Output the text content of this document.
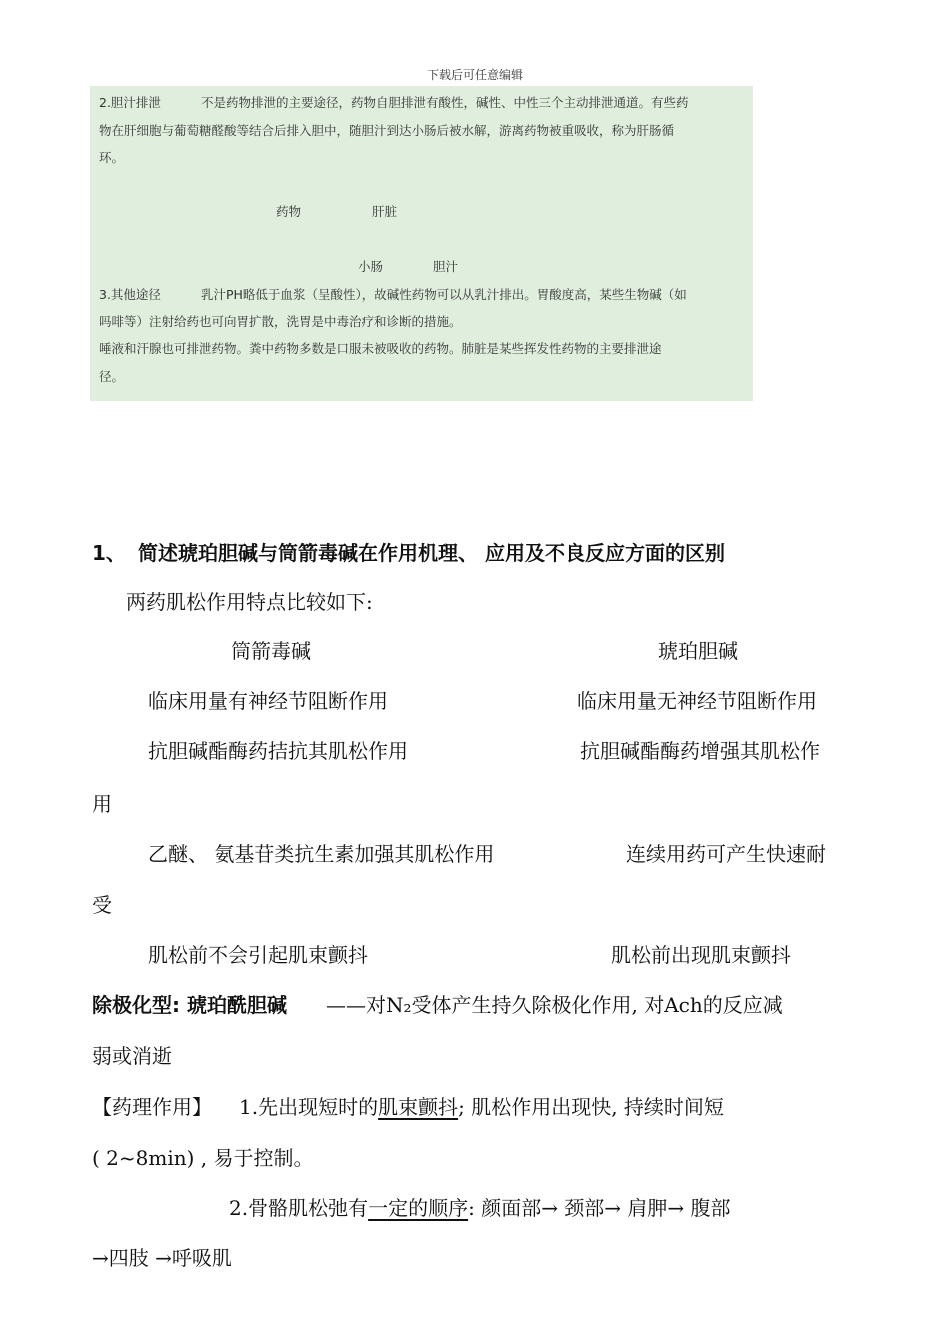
下载后可任意编辑
2.胆汁排泄	不是药物排泄的主要途径，药物自胆排泄有酸性，碱性、中性三个主动排泄通道。有些药
物在肝细胞与葡萄糖醛酸等结合后排入胆中，随胆汁到达小肠后被水解，游离药物被重吸收，称为肝肠循
环。
药物	肝脏
小肠	胆汁
3.其他途径	乳汁PH略低于血浆（呈酸性），故碱性药物可以从乳汁排出。胃酸度高，某些生物碱（如
吗啡等）注射给药也可向胃扩散，洗胃是中毒治疗和诊断的措施。
唾液和汗腺也可排泄药物。粪中药物多数是口服未被吸收的药物。肺脏是某些挥发性药物的主要排泄途
径。
1、 简述琥珀胆碱与筒箭毒碱在作用机理、 应用及不良反应方面的区别
两药肌松作用特点比较如下:
筒箭毒碱	琥珀胆碱
临床用量有神经节阻断作用	临床用量无神经节阻断作用
抗胆碱酯酶药拮抗其肌松作用	抗胆碱酯酶药增强其肌松作
用
乙醚、 氨基苷类抗生素加强其肌松作用	连续用药可产生快速耐
受
肌松前不会引起肌束颤抖	肌松前出现肌束颤抖
除极化型: 琥珀酰胆碱 ——对N₂受体产生持久除极化作用, 对Ach的反应减
弱或消逝
【药理作用】 1.先出现短时的肌束颤抖; 肌松作用出现快, 持续时间短
( 2~8min) , 易于控制。
2.骨骼肌松弛有一定的顺序: 颜面部→ 颈部→ 肩胛→ 腹部
→四肢 →呼吸肌
